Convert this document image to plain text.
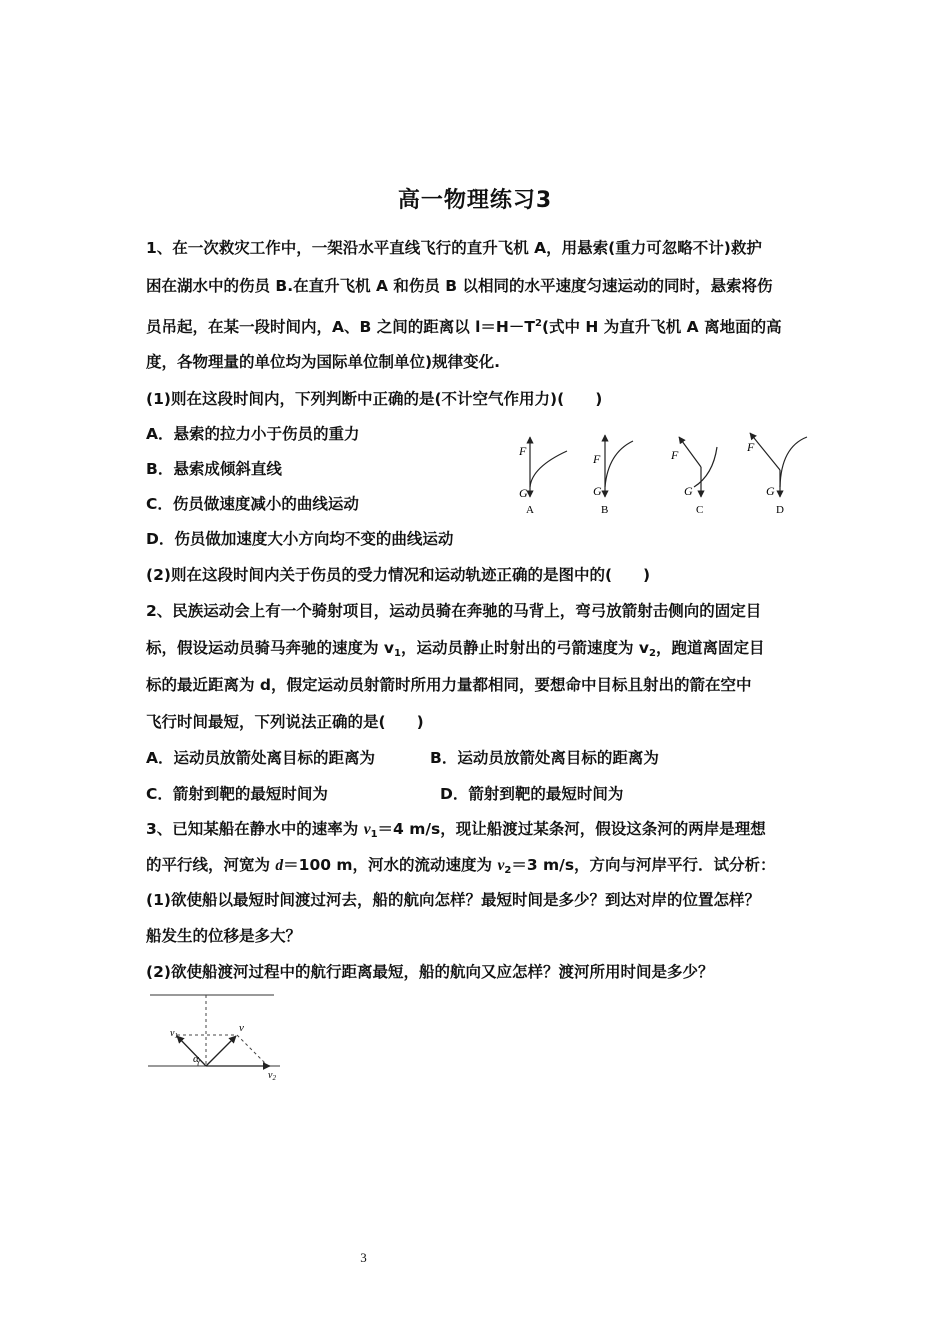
高一物理练习3
1、在一次救灾工作中，一架沿水平直线飞行的直升飞机 A，用悬索(重力可忽略不计)救护
困在湖水中的伤员 B.在直升飞机 A 和伤员 B 以相同的水平速度匀速运动的同时，悬索将伤
员吊起，在某一段时间内，A、B 之间的距离以 $l=H-T^2$(式中 H 为直升飞机 A 离地面的高
度，各物理量的单位均为国际单位制单位)规律变化.
(1)则在这段时间内，下列判断中正确的是(不计空气作用力)(　　)
A．悬索的拉力小于伤员的重力
B．悬索成倾斜直线
C．伤员做速度减小的曲线运动
D．伤员做加速度大小方向均不变的曲线运动
(2)则在这段时间内关于伤员的受力情况和运动轨迹正确的是图中的(　　)
F
G
A
F
G
B
F
G
C
F
G
D
2、民族运动会上有一个骑射项目，运动员骑在奔驰的马背上，弯弓放箭射击侧向的固定目
标，假设运动员骑马奔驰的速度为 $v_1$，运动员静止时射出的弓箭速度为 $v_2$，跑道离固定目
标的最近距离为 d，假定运动员射箭时所用力量都相同，要想命中目标且射出的箭在空中
飞行时间最短，下列说法正确的是(　　)
A．运动员放箭处离目标的距离为	B．运动员放箭处离目标的距离为
C．箭射到靶的最短时间为	D．箭射到靶的最短时间为
3、已知某船在静水中的速率为 $v_1=4$ m/s，现让船渡过某条河，假设这条河的两岸是理想
的平行线，河宽为 d＝100 m，河水的流动速度为 $v_2=3$ m/s，方向与河岸平行．试分析：
(1)欲使船以最短时间渡过河去，船的航向怎样？最短时间是多少？到达对岸的位置怎样？
船发生的位移是多大？
(2)欲使船渡河过程中的航行距离最短，船的航向又应怎样？渡河所用时间是多少？
$v_1$
v
α
$v_2$
3
